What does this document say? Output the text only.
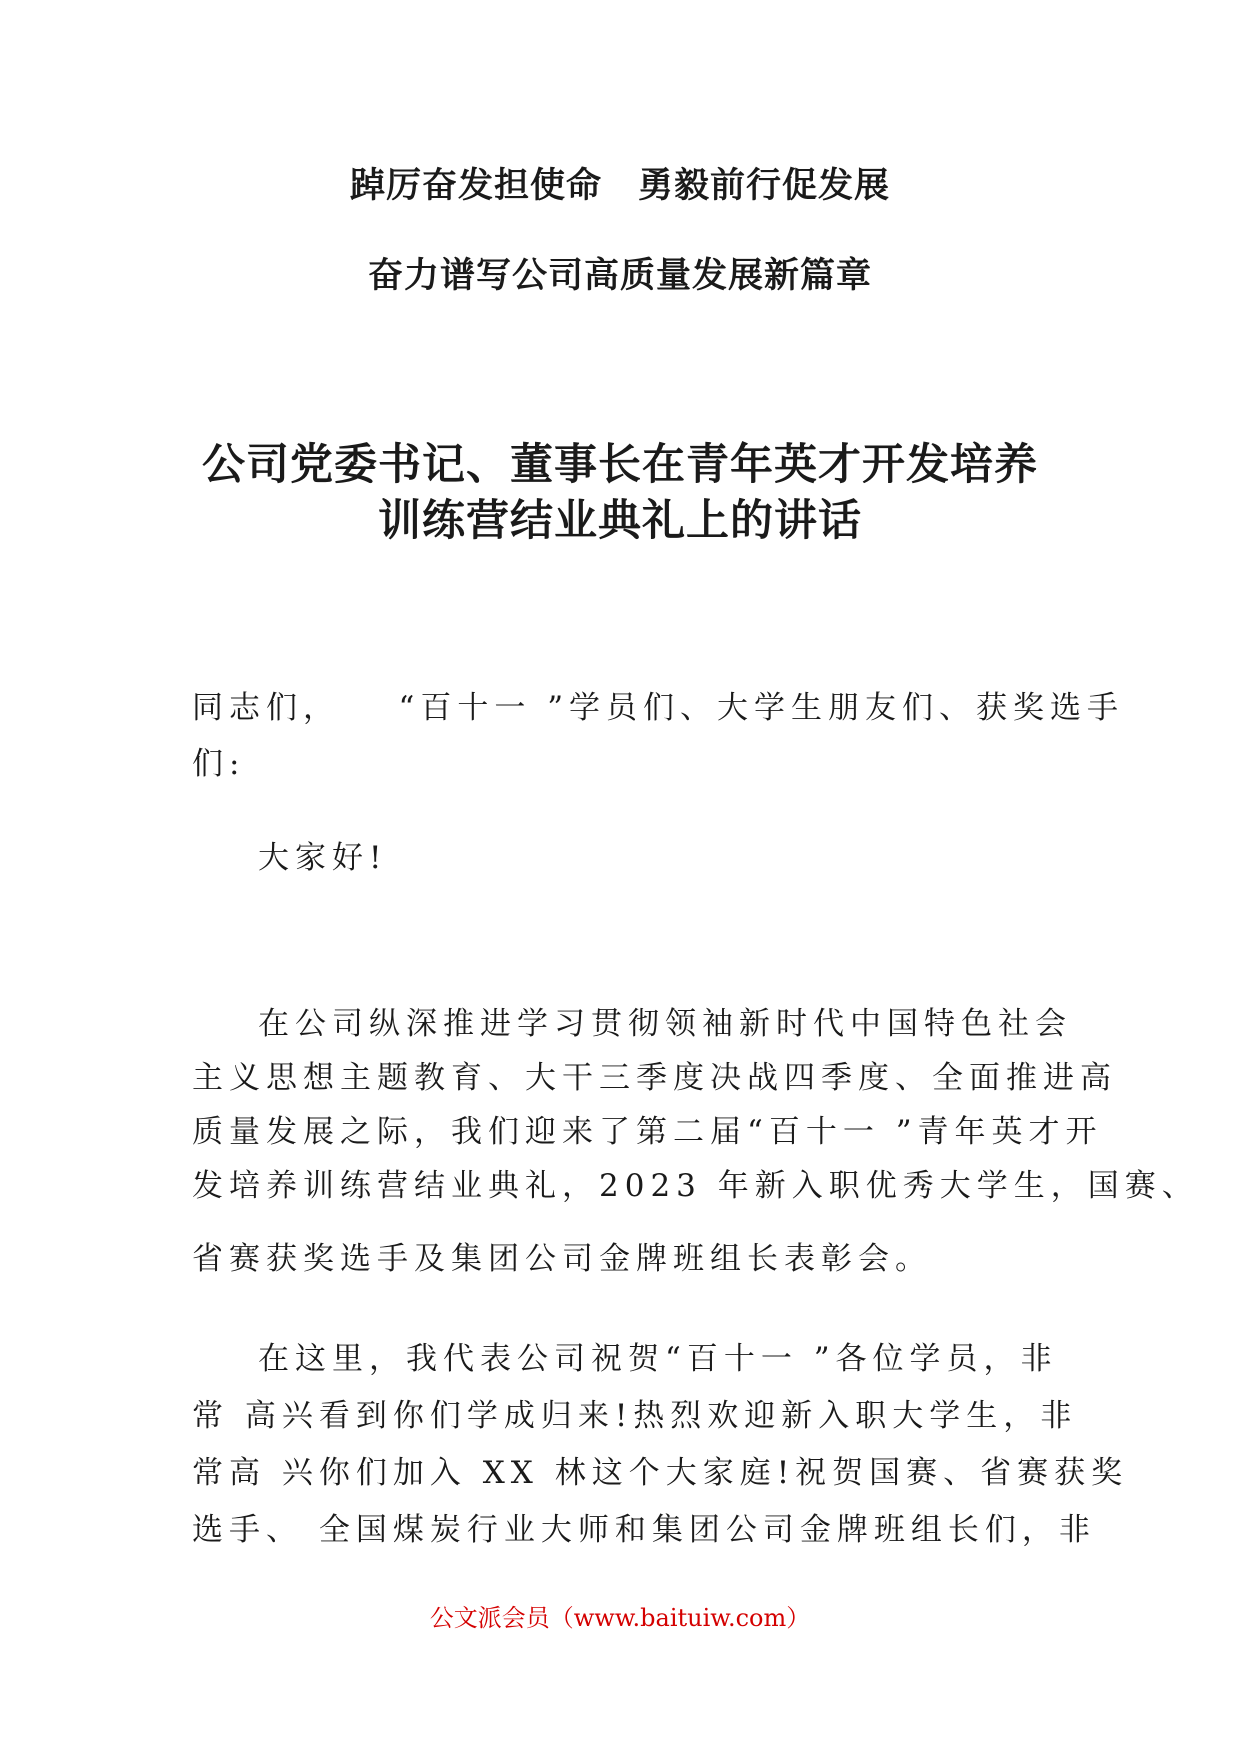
踔厉奋发担使命　勇毅前行促发展
奋力谱写公司高质量发展新篇章
公司党委书记、董事长在青年英才开发培养
训练营结业典礼上的讲话
同志们，　　“百十一 ”学员们、大学生朋友们、获奖选手
们:
大家好!
在公司纵深推进学习贯彻领袖新时代中国特色社会
主义思想主题教育、大干三季度决战四季度、全面推进高
质量发展之际，我们迎来了第二届“百十一 ”青年英才开
发培养训练营结业典礼，2023 年新入职优秀大学生，国赛、
省赛获奖选手及集团公司金牌班组长表彰会。
在这里，我代表公司祝贺“百十一 ”各位学员，非
常 高兴看到你们学成归来!热烈欢迎新入职大学生，非
常高 兴你们加入 XX 林这个大家庭!祝贺国赛、省赛获奖
选手、 全国煤炭行业大师和集团公司金牌班组长们，非
公文派会员（www.baituiw.com）
